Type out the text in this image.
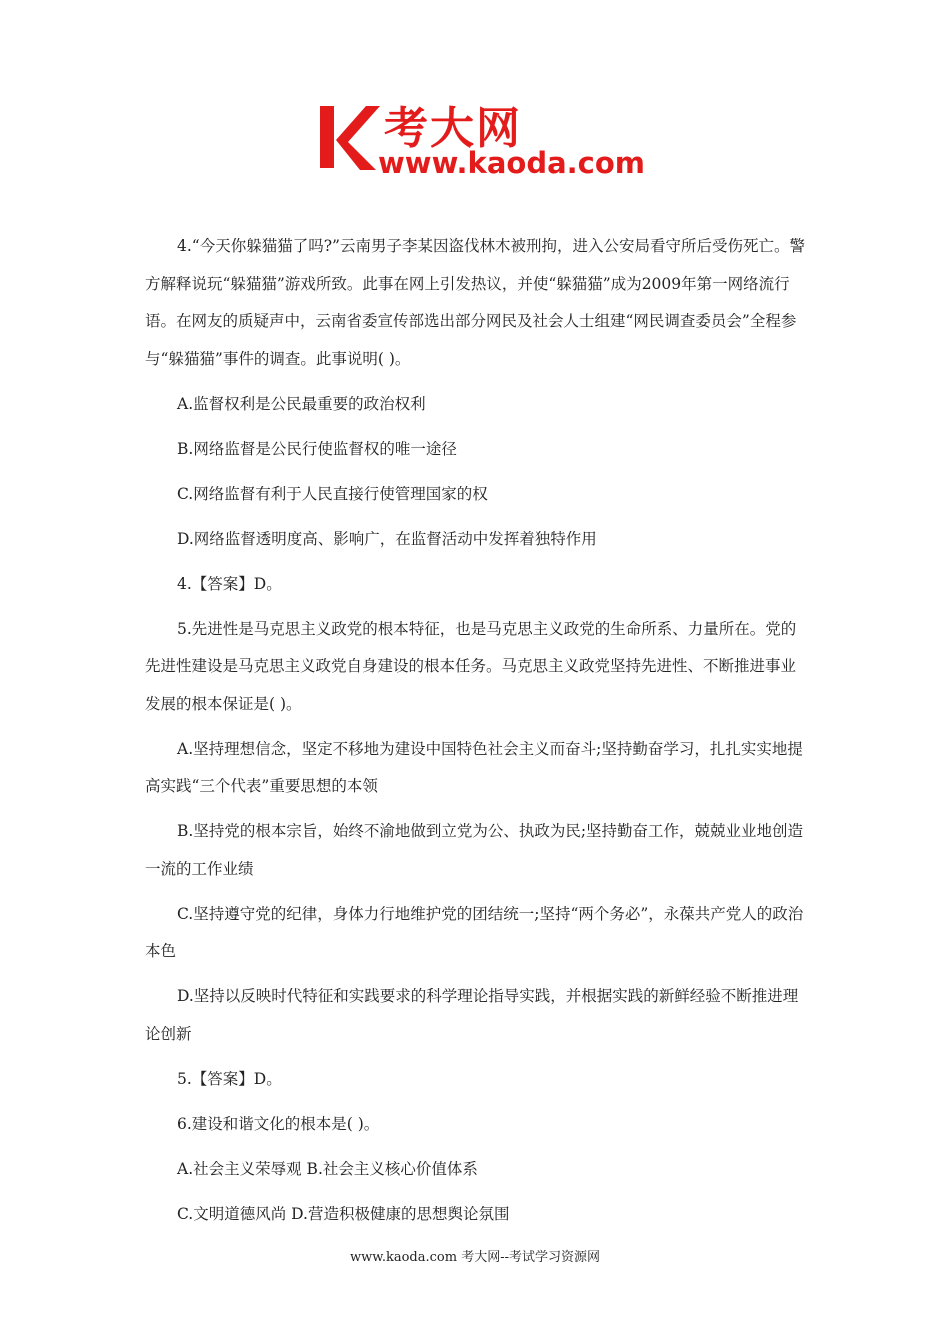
考大网
www.kaoda.com

4.“今天你躲猫猫了吗?”云南男子李某因盗伐林木被刑拘，进入公安局看守所后受伤死亡。警方解释说玩“躲猫猫”游戏所致。此事在网上引发热议，并使“躲猫猫”成为2009年第一网络流行语。在网友的质疑声中，云南省委宣传部选出部分网民及社会人士组建“网民调查委员会”全程参与“躲猫猫”事件的调查。此事说明( )。

A.监督权利是公民最重要的政治权利

B.网络监督是公民行使监督权的唯一途径

C.网络监督有利于人民直接行使管理国家的权

D.网络监督透明度高、影响广，在监督活动中发挥着独特作用

4.【答案】D。

5.先进性是马克思主义政党的根本特征，也是马克思主义政党的生命所系、力量所在。党的先进性建设是马克思主义政党自身建设的根本任务。马克思主义政党坚持先进性、不断推进事业发展的根本保证是( )。

A.坚持理想信念，坚定不移地为建设中国特色社会主义而奋斗;坚持勤奋学习，扎扎实实地提高实践“三个代表”重要思想的本领

B.坚持党的根本宗旨，始终不渝地做到立党为公、执政为民;坚持勤奋工作，兢兢业业地创造一流的工作业绩

C.坚持遵守党的纪律，身体力行地维护党的团结统一;坚持“两个务必”，永葆共产党人的政治本色

D.坚持以反映时代特征和实践要求的科学理论指导实践，并根据实践的新鲜经验不断推进理论创新

5.【答案】D。

6.建设和谐文化的根本是( )。

A.社会主义荣辱观 B.社会主义核心价值体系

C.文明道德风尚 D.营造积极健康的思想舆论氛围

www.kaoda.com 考大网--考试学习资源网
